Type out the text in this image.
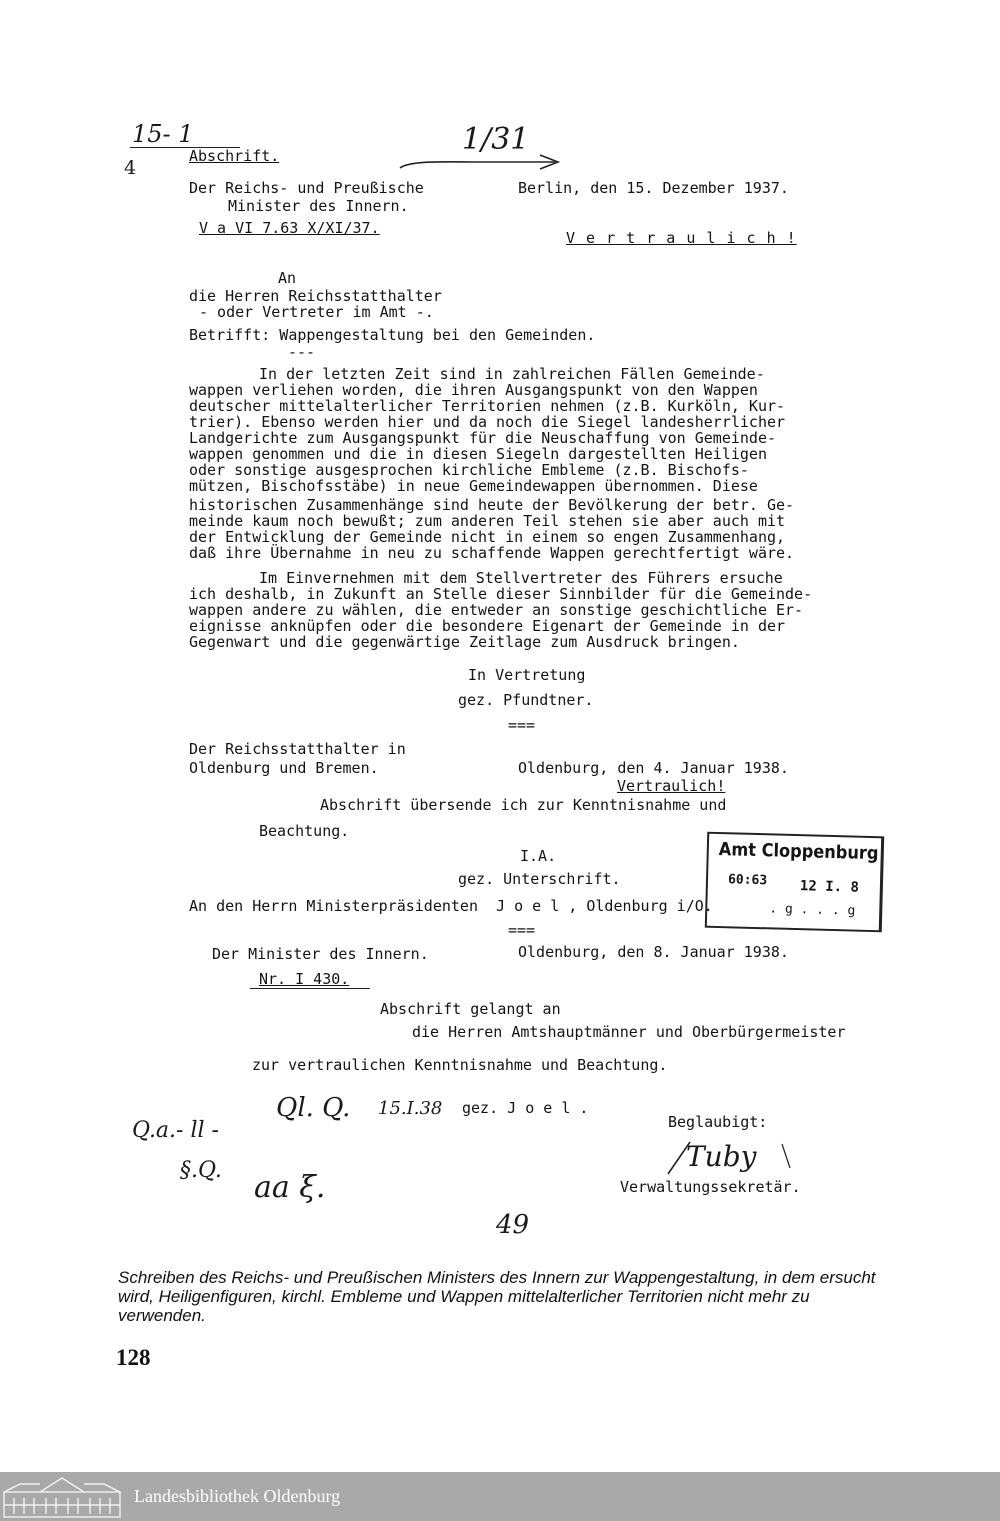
15- 1
4
1/31
Abschrift.
Der Reichs- und Preußische
Minister des Innern.
Berlin, den 15. Dezember 1937.
V a VI 7.63 X/XI/37.
V e r t r a u l i c h !
An
die Herren Reichsstatthalter
- oder Vertreter im Amt -.
Betrifft: Wappengestaltung bei den Gemeinden.
---
In der letzten Zeit sind in zahlreichen Fällen Gemeinde-
wappen verliehen worden, die ihren Ausgangspunkt von den Wappen
deutscher mittelalterlicher Territorien nehmen (z.B. Kurköln, Kur-
trier). Ebenso werden hier und da noch die Siegel landesherrlicher
Landgerichte zum Ausgangspunkt für die Neuschaffung von Gemeinde-
wappen genommen und die in diesen Siegeln dargestellten Heiligen
oder sonstige ausgesprochen kirchliche Embleme (z.B. Bischofs-
mützen, Bischofsstäbe) in neue Gemeindewappen übernommen. Diese
historischen Zusammenhänge sind heute der Bevölkerung der betr. Ge-
meinde kaum noch bewußt; zum anderen Teil stehen sie aber auch mit
der Entwicklung der Gemeinde nicht in einem so engen Zusammenhang,
daß ihre Übernahme in neu zu schaffende Wappen gerechtfertigt wäre.
Im Einvernehmen mit dem Stellvertreter des Führers ersuche
ich deshalb, in Zukunft an Stelle dieser Sinnbilder für die Gemeinde-
wappen andere zu wählen, die entweder an sonstige geschichtliche Er-
eignisse anknüpfen oder die besondere Eigenart der Gemeinde in der
Gegenwart und die gegenwärtige Zeitlage zum Ausdruck bringen.
In Vertretung
gez. Pfundtner.
===
Der Reichsstatthalter in
Oldenburg und Bremen.	Oldenburg, den 4. Januar 1938.
Vertraulich!
Abschrift übersende ich zur Kenntnisnahme und
Beachtung.
I.A.
gez. Unterschrift.
An den Herrn Ministerpräsidenten  J o e l , Oldenburg i/O.
===
Amt Cloppenburg
60:63 12 I. 8
. g . . . g
Der Minister des Innern.	Oldenburg, den 8. Januar 1938.
Nr. I 430.
Abschrift gelangt an
die Herren Amtshauptmänner und Oberbürgermeister
zur vertraulichen Kenntnisnahme und Beachtung.
Q.a.- ll -
Ql. Q. 15.I.38 gez. J o e l .
§.Q. aa ξ.
49
Beglaubigt:
Tuby
Verwaltungssekretär.
Schreiben des Reichs- und Preußischen Ministers des Innern zur Wappengestaltung, in dem ersucht wird, Heiligenfiguren, kirchl. Embleme und Wappen mittelalterlicher Territorien nicht mehr zu verwenden.
128
Landesbibliothek Oldenburg
